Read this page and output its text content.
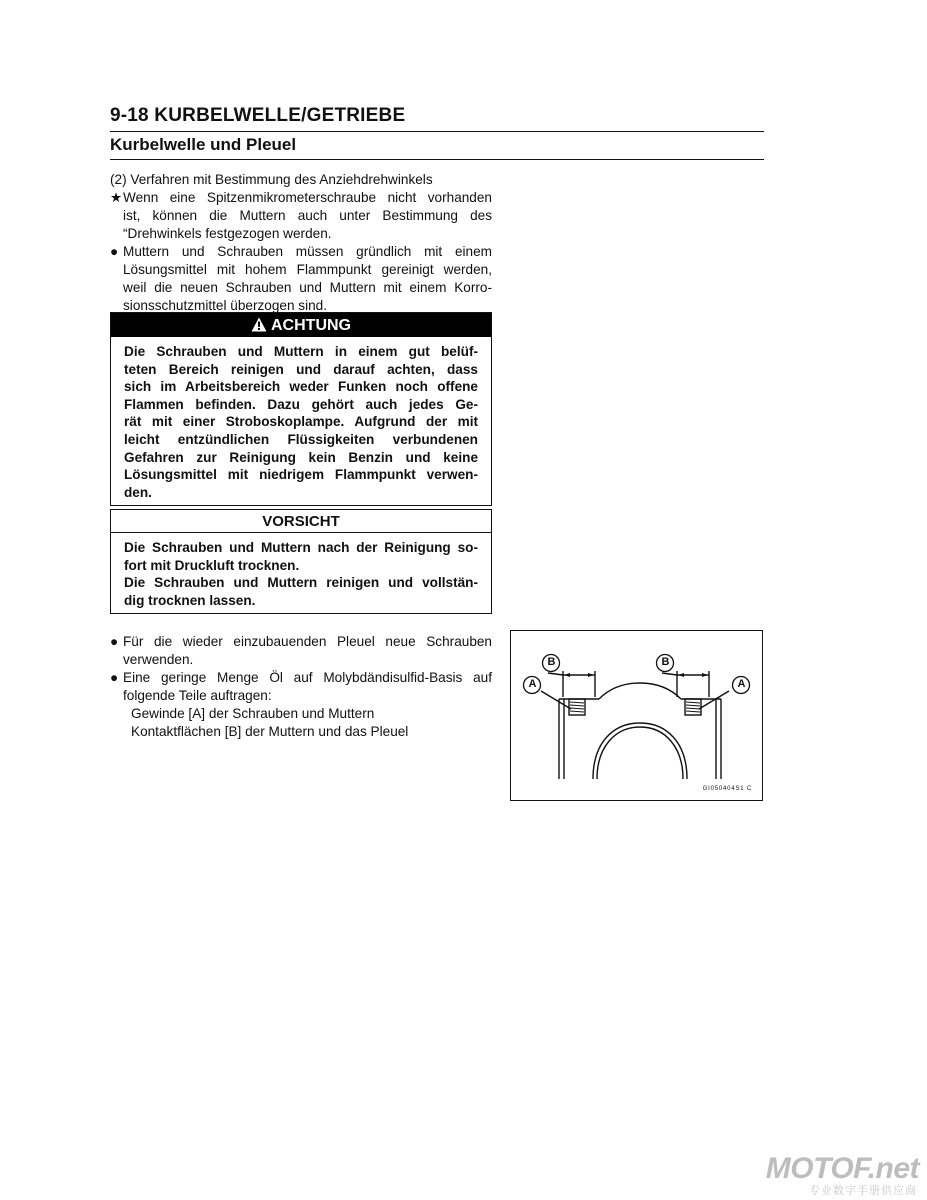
9-18 KURBELWELLE/GETRIEBE
Kurbelwelle und Pleuel
(2) Verfahren mit Bestimmung des Anziehdrehwinkels
★ Wenn eine Spitzenmikrometerschraube nicht vorhanden
ist, können die Muttern auch unter Bestimmung des
“Drehwinkels festgezogen werden.
● Muttern und Schrauben müssen gründlich mit einem
Lösungsmittel mit hohem Flammpunkt gereinigt werden,
weil die neuen Schrauben und Muttern mit einem Korro-
sionsschutzmittel überzogen sind.
ACHTUNG
Die Schrauben und Muttern in einem gut belüf-
teten Bereich reinigen und darauf achten, dass
sich im Arbeitsbereich weder Funken noch offene
Flammen befinden. Dazu gehört auch jedes Ge-
rät mit einer Stroboskoplampe. Aufgrund der mit
leicht entzündlichen Flüssigkeiten verbundenen
Gefahren zur Reinigung kein Benzin und keine
Lösungsmittel mit niedrigem Flammpunkt verwen-
den.
VORSICHT
Die Schrauben und Muttern nach der Reinigung so-
fort mit Druckluft trocknen.
Die Schrauben und Muttern reinigen und vollstän-
dig trocknen lassen.
● Für die wieder einzubauenden Pleuel neue Schrauben
verwenden.
● Eine geringe Menge Öl auf Molybdändisulfid-Basis auf
folgende Teile auftragen:
Gewinde [A] der Schrauben und Muttern
Kontaktflächen [B] der Muttern und das Pleuel
B	B
A	A
GI050404S1 C
MOTOF.net
专业数字手册供应商
